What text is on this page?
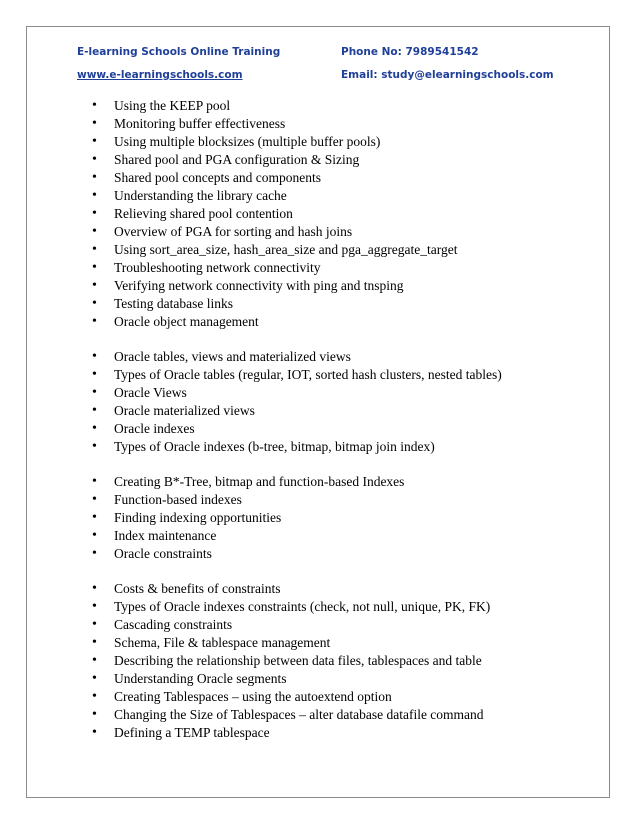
E-learning Schools Online Training	Phone No: 7989541542
www.e-learningschools.com	Email: study@elearningschools.com
• Using the KEEP pool
• Monitoring buffer effectiveness
• Using multiple blocksizes (multiple buffer pools)
• Shared pool and PGA configuration & Sizing
• Shared pool concepts and components
• Understanding the library cache
• Relieving shared pool contention
• Overview of PGA for sorting and hash joins
• Using sort_area_size, hash_area_size and pga_aggregate_target
• Troubleshooting network connectivity
• Verifying network connectivity with ping and tnsping
• Testing database links
• Oracle object management
• Oracle tables, views and materialized views
• Types of Oracle tables (regular, IOT, sorted hash clusters, nested tables)
• Oracle Views
• Oracle materialized views
• Oracle indexes
• Types of Oracle indexes (b-tree, bitmap, bitmap join index)
• Creating B*-Tree, bitmap and function-based Indexes
• Function-based indexes
• Finding indexing opportunities
• Index maintenance
• Oracle constraints
• Costs & benefits of constraints
• Types of Oracle indexes constraints (check, not null, unique, PK, FK)
• Cascading constraints
• Schema, File & tablespace management
• Describing the relationship between data files, tablespaces and table
• Understanding Oracle segments
• Creating Tablespaces – using the autoextend option
• Changing the Size of Tablespaces – alter database datafile command
• Defining a TEMP tablespace
